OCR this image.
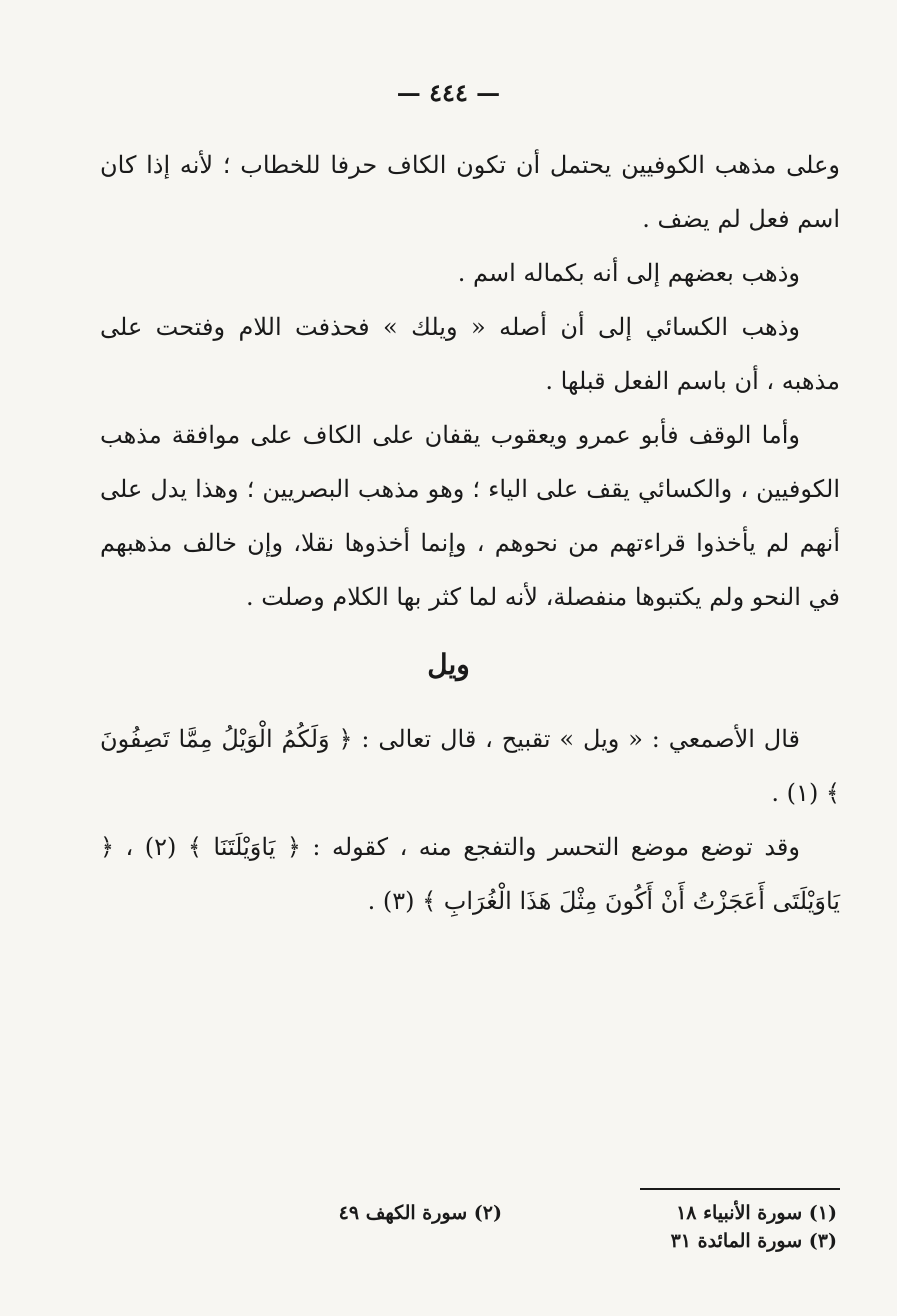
— ٤٤٤ —

وعلى مذهب الكوفيين يحتمل أن تكون الكاف حرفا للخطاب ؛ لأنه إذا كان اسم فعل لم يضف .

وذهب بعضهم إلى أنه بكماله اسم .

وذهب الكسائي إلى أن أصله « ويلك » فحذفت اللام وفتحت على مذهبه ، أن باسم الفعل قبلها .

وأما الوقف فأبو عمرو ويعقوب يقفان على الكاف على موافقة مذهب الكوفيين ، والكسائي يقف على الياء ؛ وهو مذهب البصريين ؛ وهذا يدل على أنهم لم يأخذوا قراءتهم من نحوهم ، وإنما أخذوها نقلا، وإن خالف مذهبهم في النحو ولم يكتبوها منفصلة، لأنه لما كثر بها الكلام وصلت .

ويل

قال الأصمعي : « ويل » تقبيح ، قال تعالى : ﴿ وَلَكُمُ الْوَيْلُ مِمَّا تَصِفُونَ ﴾ (١) .

وقد توضع موضع التحسر والتفجع منه ، كقوله : ﴿ يَاوَيْلَتَنَا ﴾ (٢) ، ﴿ يَاوَيْلَتَى أَعَجَزْتُ أَنْ أَكُونَ مِثْلَ هَذَا الْغُرَابِ ﴾ (٣) .

(١) سورة الأنبياء ١٨
(٢) سورة الكهف ٤٩
(٣) سورة المائدة ٣١
